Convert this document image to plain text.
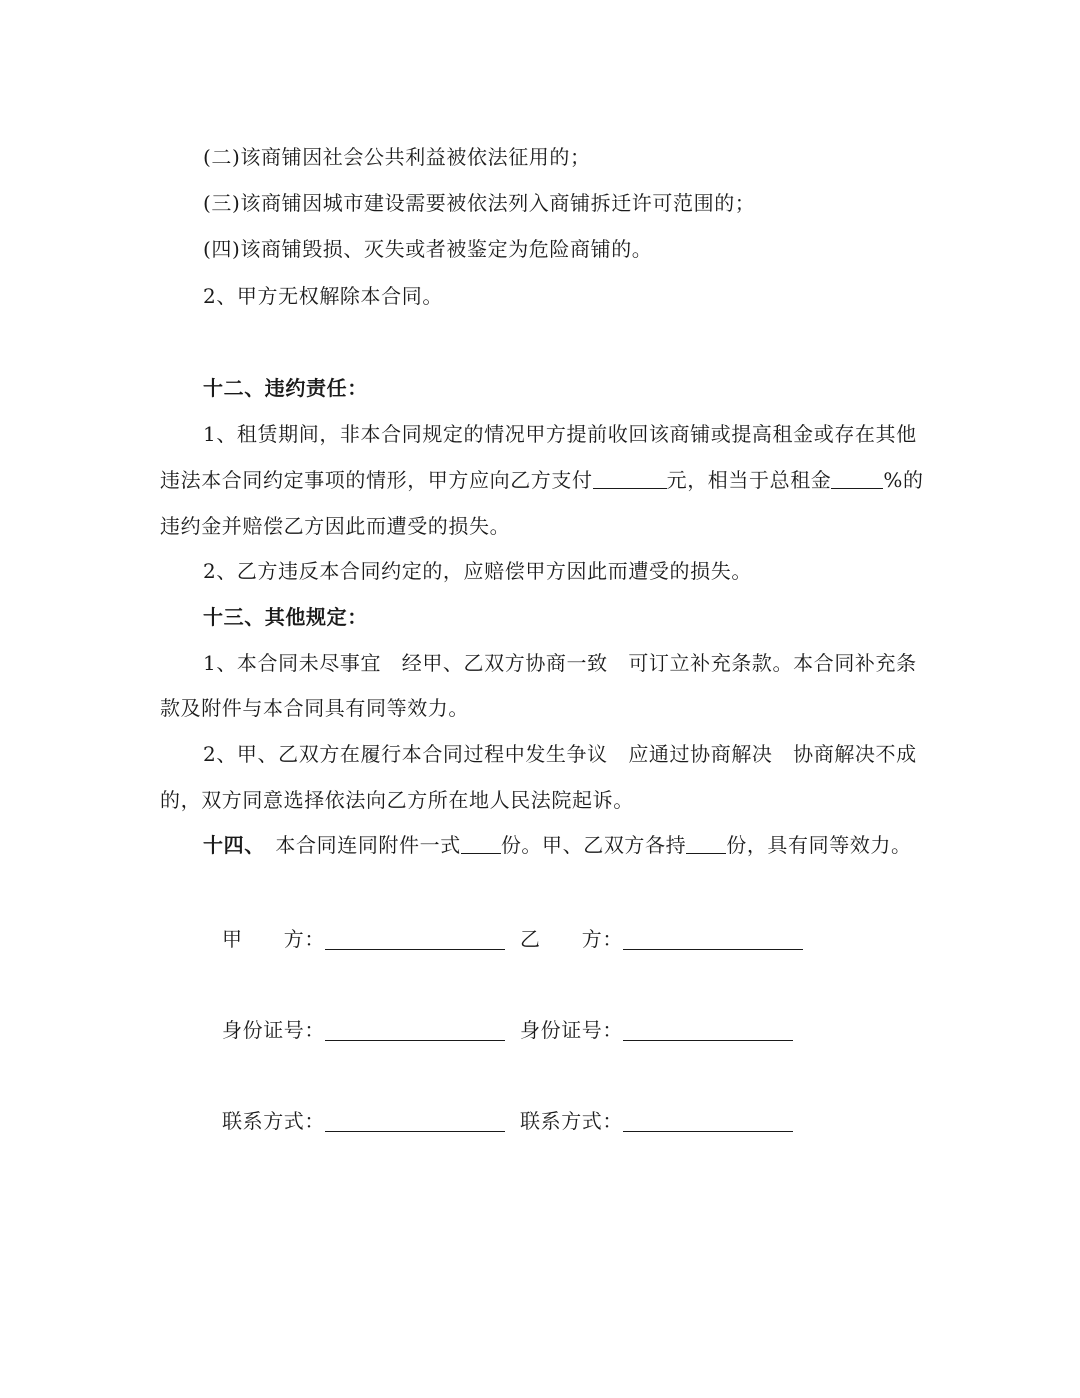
(二)该商铺因社会公共利益被依法征用的；
(三)该商铺因城市建设需要被依法列入商铺拆迁许可范围的；
(四)该商铺毁损、灭失或者被鉴定为危险商铺的。
2、甲方无权解除本合同。
十二、违约责任：
1、租赁期间，非本合同规定的情况甲方提前收回该商铺或提高租金或存在其他
违法本合同约定事项的情形，甲方应向乙方支付	元，相当于总租金	%的
违约金并赔偿乙方因此而遭受的损失。
2、乙方违反本合同约定的，应赔偿甲方因此而遭受的损失。
十三、其他规定：
1、本合同未尽事宜　经甲、乙双方协商一致　可订立补充条款。本合同补充条
款及附件与本合同具有同等效力。
2、甲、乙双方在履行本合同过程中发生争议　应通过协商解决　协商解决不成
的，双方同意选择依法向乙方所在地人民法院起诉。
十四、　 本合同连同附件一式 份。甲、乙双方各持 份，具有同等效力。
甲　　方：	乙　　方：
身份证号：	身份证号：
联系方式：	联系方式：
